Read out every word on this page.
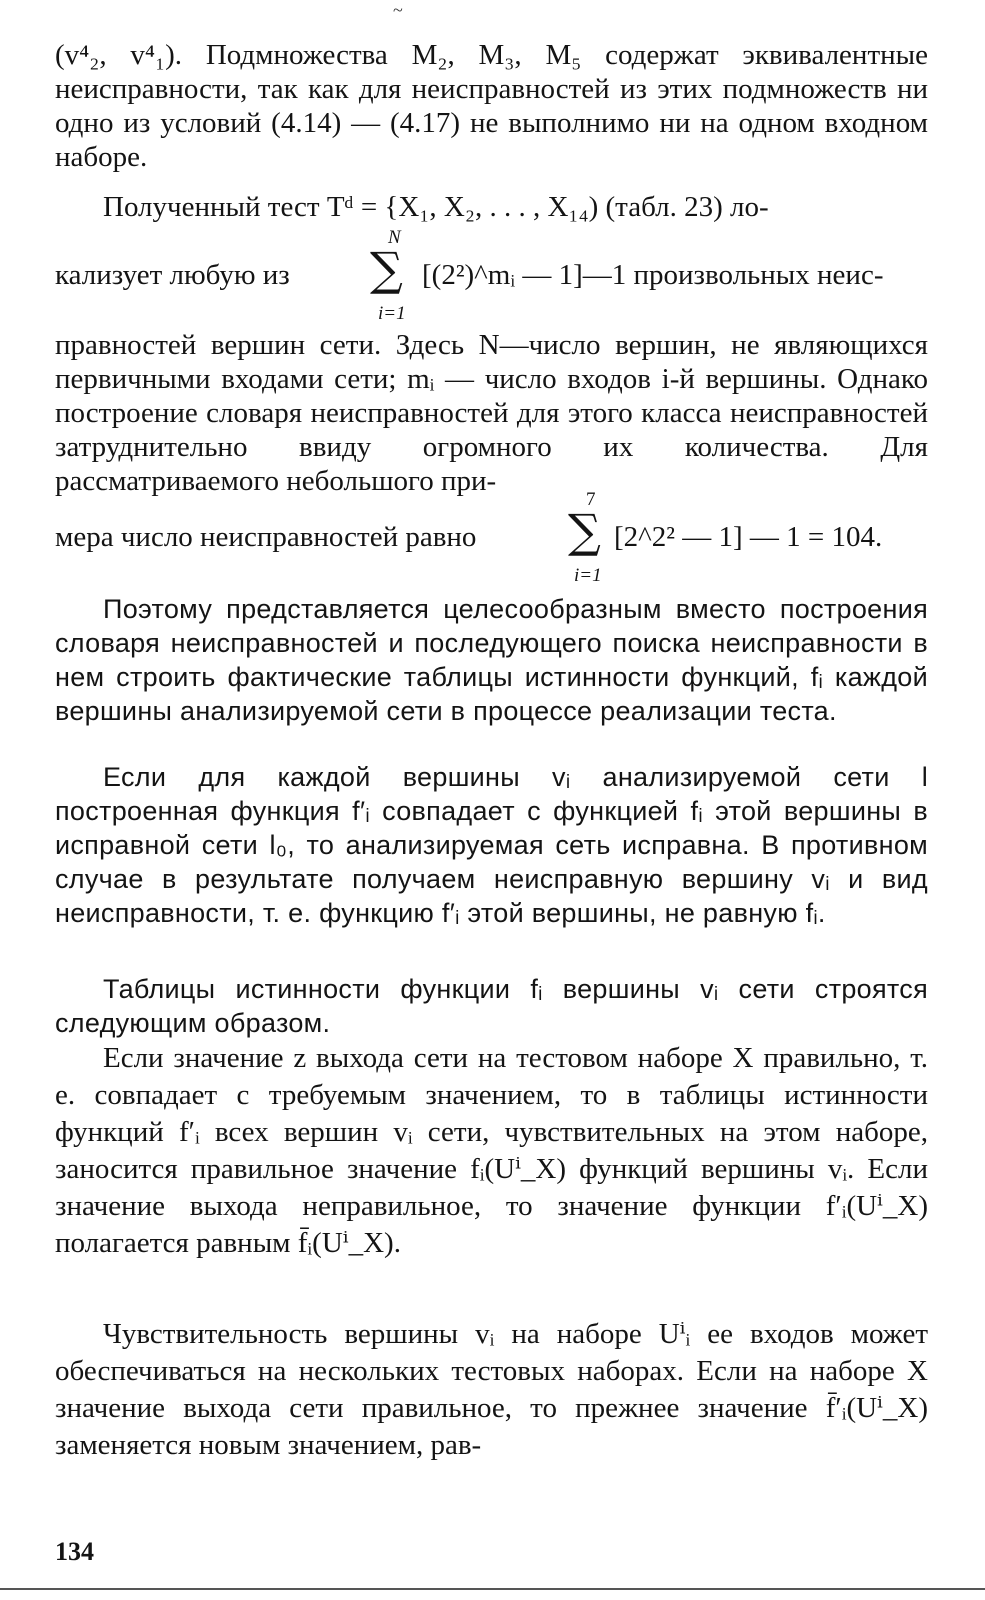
~

(v⁴₂, v⁴₁). Подмножества M₂, M₃, M₅ содержат эквивалентные неисправности, так как для неисправностей из этих подмножеств ни одно из условий (4.14) — (4.17) не выполнимо ни на одном входном наборе.

Полученный тест Tᵈ = {X₁, X₂, . . . , X₁₄) (табл. 23) ло-

N
∑
i=1
кализует любую из	[(2²)^mᵢ — 1]—1 произвольных неис-

правностей вершин сети. Здесь N—число вершин, не являющихся первичными входами сети; mᵢ — число входов i-й вершины. Однако построение словаря неисправностей для этого класса неисправностей затруднительно ввиду огромного их количества. Для рассматриваемого небольшого при-

7
∑
i=1
мера число неисправностей равно	[2^2² — 1] — 1 = 104.

Поэтому представляется целесообразным вместо построения словаря неисправностей и последующего поиска неисправности в нем строить фактические таблицы истинности функций, fᵢ каждой вершины анализируемой сети в процессе реализации теста.

Если для каждой вершины vᵢ анализируемой сети l построенная функция f′ᵢ совпадает с функцией fᵢ этой вершины в исправной сети l₀, то анализируемая сеть исправна. В противном случае в результате получаем неисправную вершину vᵢ и вид неисправности, т. е. функцию f′ᵢ этой вершины, не равную fᵢ.

Таблицы истинности функции fᵢ вершины vᵢ сети строятся следующим образом.

Если значение z выхода сети на тестовом наборе X правильно, т. е. совпадает с требуемым значением, то в таблицы истинности функций f′ᵢ всех вершин vᵢ сети, чувствительных на этом наборе, заносится правильное значение fᵢ(Uⁱ_X) функций вершины vᵢ. Если значение выхода неправильное, то значение функции f′ᵢ(Uⁱ_X) полагается равным f̄ᵢ(Uⁱ_X).

Чувствительность вершины vᵢ на наборе Uⁱᵢ ее входов может обеспечиваться на нескольких тестовых наборах. Если на наборе X значение выхода сети правильное, то прежнее значение f̄′ᵢ(Uⁱ_X) заменяется новым значением, рав-

134
